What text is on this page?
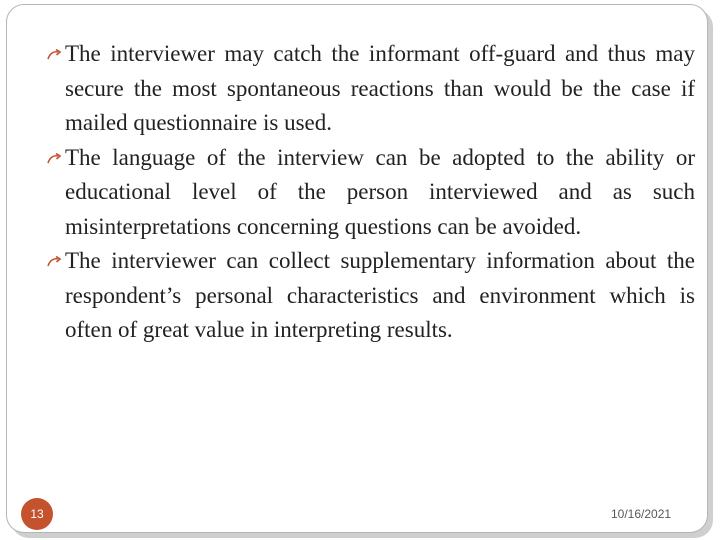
The interviewer may catch the informant off-guard and thus may secure the most spontaneous reactions than would be the case if mailed questionnaire is used.
The language of the interview can be adopted to the ability or educational level of the person interviewed and as such misinterpretations concerning questions can be avoided.
The interviewer can collect supplementary information about the respondent’s personal characteristics and environment which is often of great value in interpreting results.
13	10/16/2021
